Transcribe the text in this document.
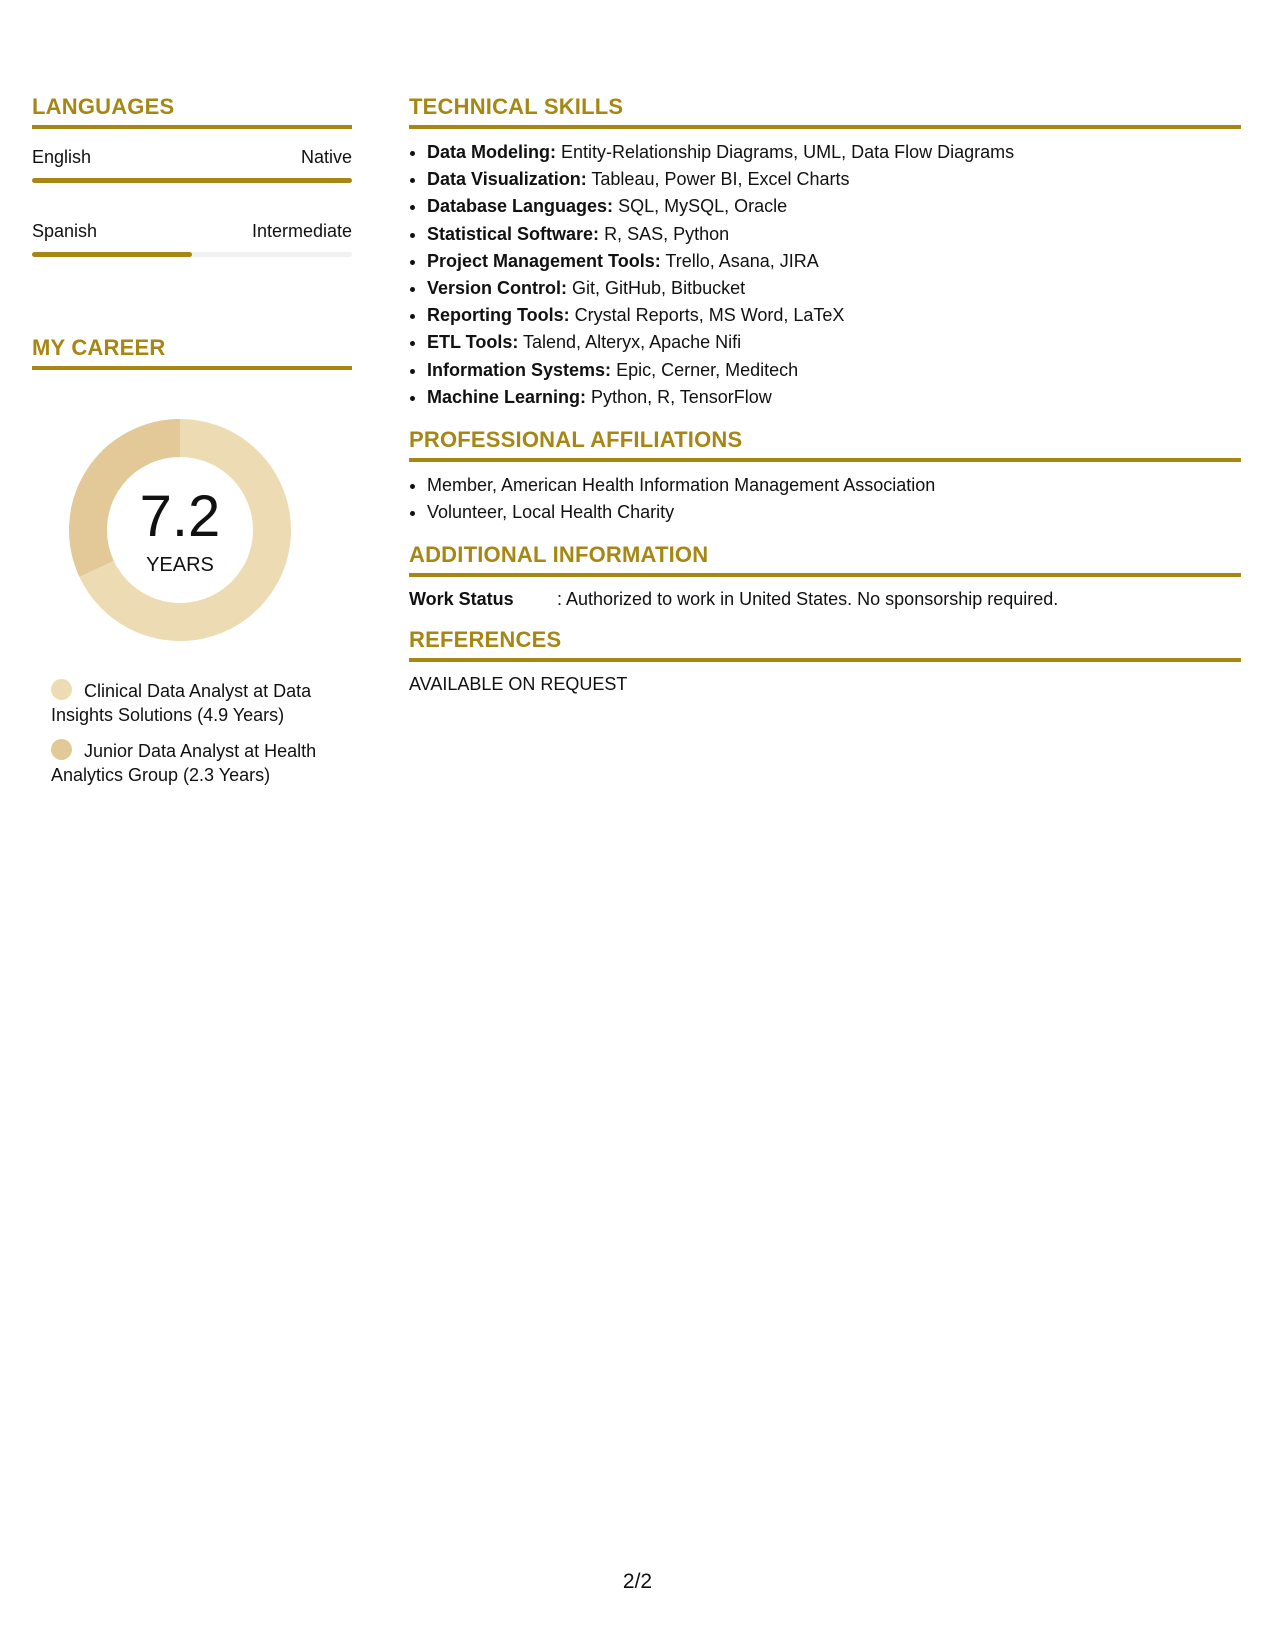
LANGUAGES
English	Native
Spanish	Intermediate
MY CAREER
7.2
YEARS
Clinical Data Analyst at Data Insights Solutions (4.9 Years)
Junior Data Analyst at Health Analytics Group (2.3 Years)
TECHNICAL SKILLS
• Data Modeling: Entity-Relationship Diagrams, UML, Data Flow Diagrams
• Data Visualization: Tableau, Power BI, Excel Charts
• Database Languages: SQL, MySQL, Oracle
• Statistical Software: R, SAS, Python
• Project Management Tools: Trello, Asana, JIRA
• Version Control: Git, GitHub, Bitbucket
• Reporting Tools: Crystal Reports, MS Word, LaTeX
• ETL Tools: Talend, Alteryx, Apache Nifi
• Information Systems: Epic, Cerner, Meditech
• Machine Learning: Python, R, TensorFlow
PROFESSIONAL AFFILIATIONS
• Member, American Health Information Management Association
• Volunteer, Local Health Charity
ADDITIONAL INFORMATION
Work Status	: Authorized to work in United States. No sponsorship required.
REFERENCES
AVAILABLE ON REQUEST
2/2
